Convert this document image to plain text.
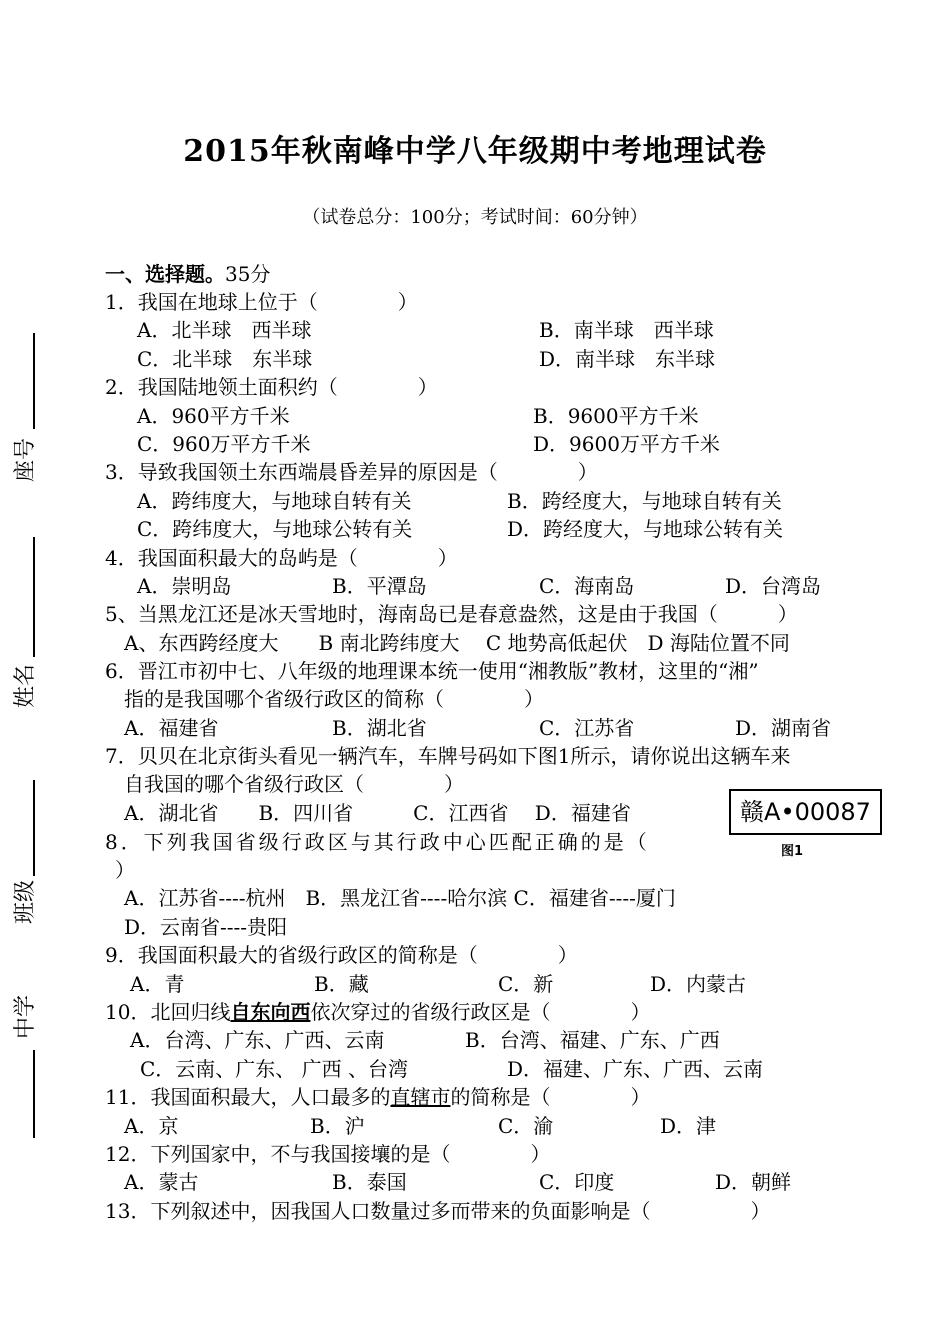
2015年秋南峰中学八年级期中考地理试卷
（试卷总分：100分；考试时间：60分钟）
一、选择题。35分
1．我国在地球上位于（　　　　）
A．北半球　西半球	B．南半球　西半球
C．北半球　东半球	D．南半球　东半球
2．我国陆地领土面积约（　　　　）
A．960平方千米	B．9600平方千米
C．960万平方千米	D．9600万平方千米
3．导致我国领土东西端晨昏差异的原因是（　　　　）
A．跨纬度大，与地球自转有关	B．跨经度大，与地球自转有关
C．跨纬度大，与地球公转有关	D．跨经度大，与地球公转有关
4．我国面积最大的岛屿是（　　　　）
A．崇明岛	B．平潭岛	C．海南岛	D．台湾岛
5、当黑龙江还是冰天雪地时，海南岛已是春意盎然，这是由于我国（　　　）
A、东西跨经度大　　B 南北跨纬度大　 C 地势高低起伏　D 海陆位置不同
6．晋江市初中七、八年级的地理课本统一使用“湘教版”教材，这里的“湘”
指的是我国哪个省级行政区的简称（　　　　）
A．福建省	B．湖北省	C．江苏省	D．湖南省
7．贝贝在北京街头看见一辆汽车，车牌号码如下图1所示，请你说出这辆车来
自我国的哪个省级行政区（　　　　）
A．湖北省　　B．四川省　　　C．江西省　 D．福建省	赣A•00087
图1
8．下列我国省级行政区与其行政中心匹配正确的是（
）
A．江苏省----杭州　B．黑龙江省----哈尔滨 C．福建省----厦门
D．云南省----贵阳
9．我国面积最大的省级行政区的简称是（　　　　）
A．青	B．藏	C．新	D．内蒙古
10．北回归线自东向西依次穿过的省级行政区是（　　　　）
A．台湾、广东、广西、云南	B．台湾、福建、广东、广西
C．云南、广东、 广西 、台湾	D．福建、广东、广西、云南
11．我国面积最大，人口最多的直辖市的简称是（　　　　）
A．京	B．沪	C．渝	D．津
12．下列国家中，不与我国接壤的是（　　　　）
A．蒙古	B．泰国	C．印度	D．朝鲜
13．下列叙述中，因我国人口数量过多而带来的负面影响是（　　　　　）
座号
姓名
班级
中学
